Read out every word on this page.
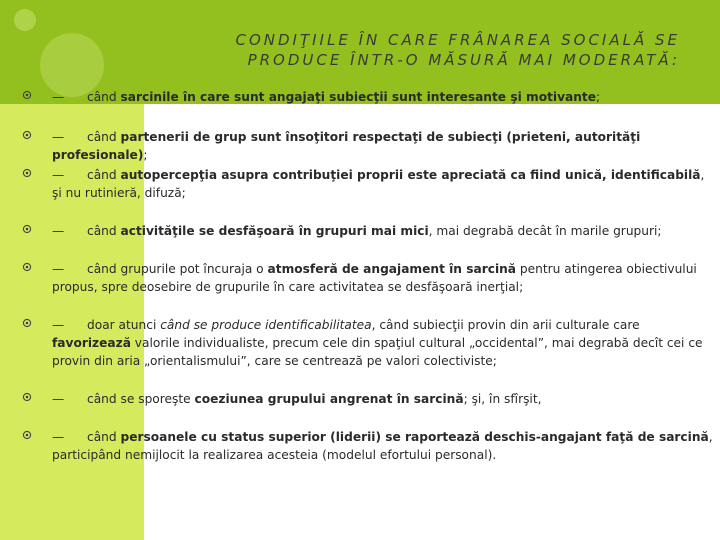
CONDIŢIILE ÎN CARE FRÂNAREA SOCIALĂ SE
PRODUCE ÎNTR-O MĂSURĂ MAI MODERATĂ:
— când sarcinile în care sunt angajaţi subiecţii sunt interesante şi motivante;
— când partenerii de grup sunt însoţitori respectaţi de subiecţi (prieteni, autorităţi profesionale);
— când autopercepţia asupra contribuţiei proprii este apreciată ca fiind unică, identificabilă, şi nu rutinieră, difuză;
— când activităţile se desfăşoară în grupuri mai mici, mai degrabă decât în marile grupuri;
— când grupurile pot încuraja o atmosferă de angajament în sarcină pentru atingerea obiectivului propus, spre deosebire de grupurile în care activitatea se desfăşoară inerţial;
— doar atunci când se produce identificabilitatea, când subiecţii provin din arii culturale care favorizează valorile individualiste, precum cele din spaţiul cultural „occidental”, mai degrabă decît cei ce provin din aria „orientalismului”, care se centrează pe valori colectiviste;
— când se sporeşte coeziunea grupului angrenat în sarcină; şi, în sfîrşit,
— când persoanele cu status superior (liderii) se raportează deschis-angajant faţă de sarcină, participând nemijlocit la realizarea acesteia (modelul efortului personal).
